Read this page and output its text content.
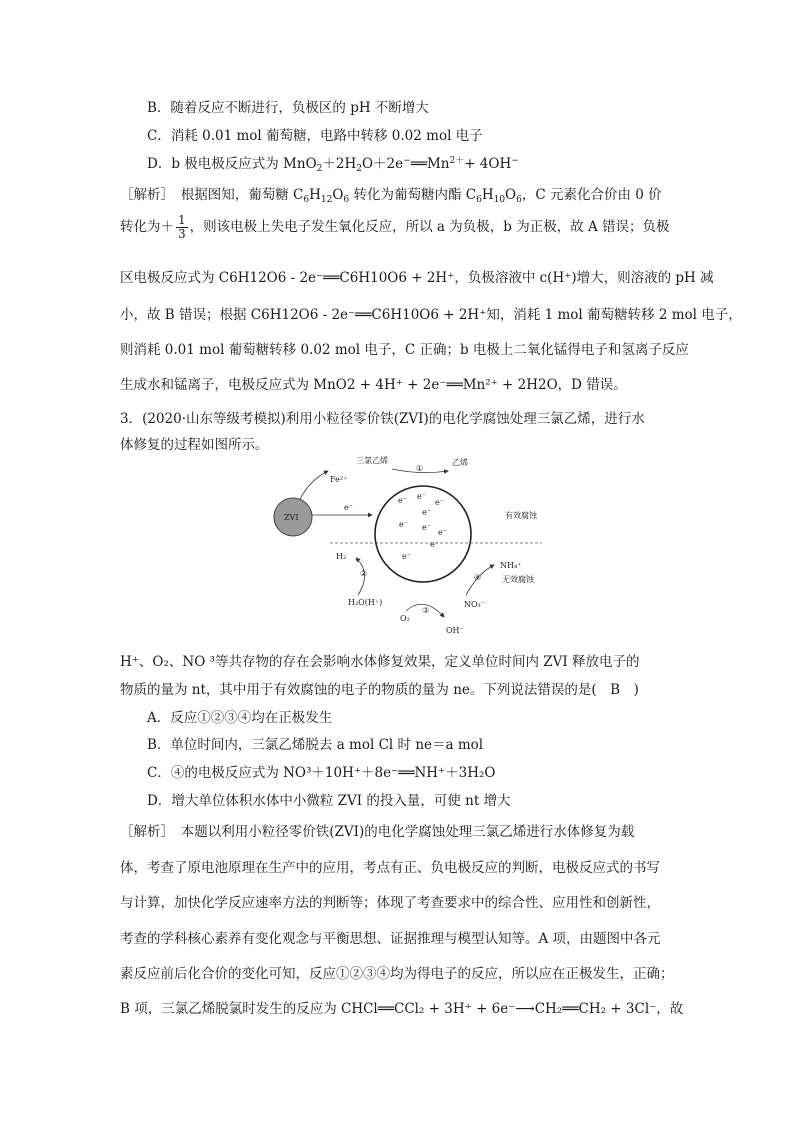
B．随着反应不断进行，负极区的 pH 不断增大
C．消耗 0.01 mol 葡萄糖，电路中转移 0.02 mol 电子
D．b 极电极反应式为 $MnO_2+2H_2O+2e^-══Mn^{2+}+ 4OH^-$
［解析］　根据图知，葡萄糖 $C_6H_{12}O_6$ 转化为葡萄糖内酯 $C_6H_{10}O_6$，C 元素化合价由 0 价
转化为＋ $\frac{1}{3}$ ，则该电极上失电子发生氧化反应，所以 a 为负极，b 为正极，故 A 错误；负极
区电极反应式为 C6H12O6 - 2e⁻══C6H10O6 + 2H⁺，负极溶液中 c(H⁺)增大，则溶液的 pH 减
小，故 B 错误；根据 C6H12O6 - 2e⁻══C6H10O6 + 2H⁺知，消耗 1 mol 葡萄糖转移 2 mol 电子，
则消耗 0.01 mol 葡萄糖转移 0.02 mol 电子，C 正确；b 电极上二氧化锰得电子和氢离子反应
生成水和锰离子，电极反应式为 MnO2 + 4H⁺ + 2e⁻══Mn²⁺ + 2H2O，D 错误。
3．(2020·山东等级考模拟)利用小粒径零价铁(ZVI)的电化学腐蚀处理三氯乙烯，进行水
体修复的过程如图所示。
ZVI
Fe²⁺
e⁻
e⁻ e⁻
e⁻
e⁻
e⁻ e⁻
e⁻
e⁻
e⁻
三氯乙烯
①
乙烯
有效腐蚀
无效腐蚀
H₂
②
H₂O(H⁺)
O₂
③
OH⁻
NO₃⁻
④
NH₄⁺
H⁺、O₂、NO ³等共存物的存在会影响水体修复效果，定义单位时间内 ZVI 释放电子的
物质的量为 nt，其中用于有效腐蚀的电子的物质的量为 ne。下列说法错误的是(　B　)
A．反应①②③④均在正极发生
B．单位时间内，三氯乙烯脱去 a mol Cl 时 ne＝a mol
C．④的电极反应式为 NO³＋10H⁺＋8e⁻══NH⁺＋3H₂O
D．增大单位体积水体中小微粒 ZVI 的投入量，可使 nt 增大
［解析］　本题以利用小粒径零价铁(ZVI)的电化学腐蚀处理三氯乙烯进行水体修复为载
体，考查了原电池原理在生产中的应用，考点有正、负电极反应的判断，电极反应式的书写
与计算，加快化学反应速率方法的判断等；体现了考查要求中的综合性、应用性和创新性，
考查的学科核心素养有变化观念与平衡思想、证据推理与模型认知等。A 项，由题图中各元
素反应前后化合价的变化可知，反应①②③④均为得电子的反应，所以应在正极发生，正确；
B 项，三氯乙烯脱氯时发生的反应为 CHCl══CCl₂ + 3H⁺ + 6e⁻⟶CH₂══CH₂ + 3Cl⁻，故
